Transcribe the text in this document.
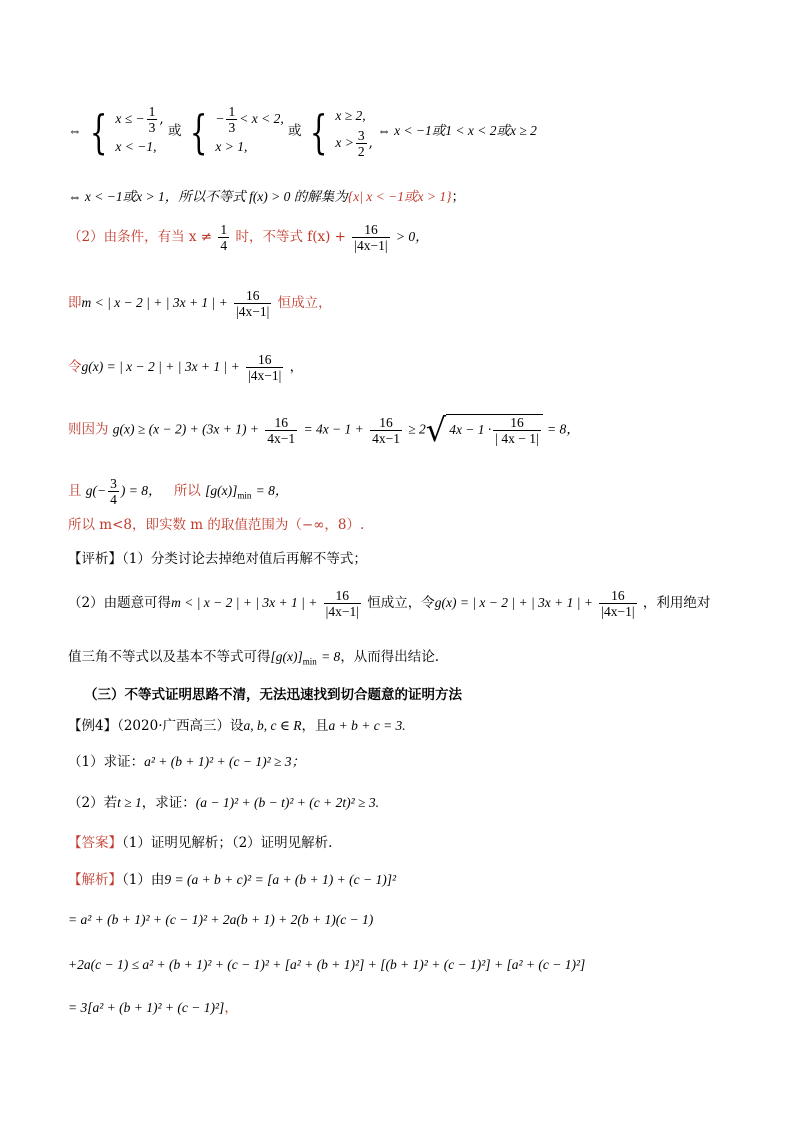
⇔ { x ≤ − $\frac{1}{3}$ ,
x < −1,
或 { − $\frac{1}{3} < x < 2$,
x > 1,
或 { x ≥ 2,
$x > \frac{3}{2}$ ,
⇔ x < −1或1 < x < 2或x ≥ 2
⇔ x < −1或x > 1，所以不等式 f(x) > 0 的解集为{x| x < −1或x > 1}；
（2）由条件，有当 $x \ne \frac{1}{4}$ 时，不等式 $f(x) + \frac{16}{|4x-1|} > 0$，
即m < | x − 2 | + | 3x + 1 | + $\frac{16}{|4x-1|}$ 恒成立，
令g(x) = | x − 2 | + | 3x + 1 | + $\frac{16}{|4x-1|}$ ，
则因为 $g(x) \ge (x - 2) + (3x + 1) + \frac{16}{4x-1} = 4x - 1 + \frac{16}{4x-1} \ge 2√$ $4x - 1 \cdot \frac{16}{| 4x - 1|} = 8$，
且 $g(- \frac{3}{4}$ ) = 8， 所以 $[g(x)]_{min} = 8$，
所以 m<8，即实数 m 的取值范围为（−∞，8）.
【评析】（1）分类讨论去掉绝对值后再解不等式；
（2）由题意可得m < | x − 2 | + | 3x + 1 | + $\frac{16}{|4x-1|}$ 恒成立，令g(x) = | x − 2 | + | 3x + 1 | + $\frac{16}{|4x-1|}$ ，利用绝对
值三角不等式以及基本不等式可得$[g(x)]_{min} = 8$，从而得出结论.
（三）不等式证明思路不清，无法迅速找到切合题意的证明方法
【例4】（2020·广西高三）设a, b, c ∈ R，且a + b + c = 3.
（1）求证：a² + (b + 1)² + (c − 1)² ≥ 3；
（2）若t ≥ 1，求证：(a − 1)² + (b − t)² + (c + 2t)² ≥ 3.
【答案】（1）证明见解析；（2）证明见解析.
【解析】（1）由9 = (a + b + c)² = [a + (b + 1) + (c − 1)]²
= a² + (b + 1)² + (c − 1)² + 2a(b + 1) + 2(b + 1)(c − 1)
+2a(c − 1) ≤ a² + (b + 1)² + (c − 1)² + [a² + (b + 1)²] + [(b + 1)² + (c − 1)²] + [a² + (c − 1)²]
= 3[a² + (b + 1)² + (c − 1)²]，
